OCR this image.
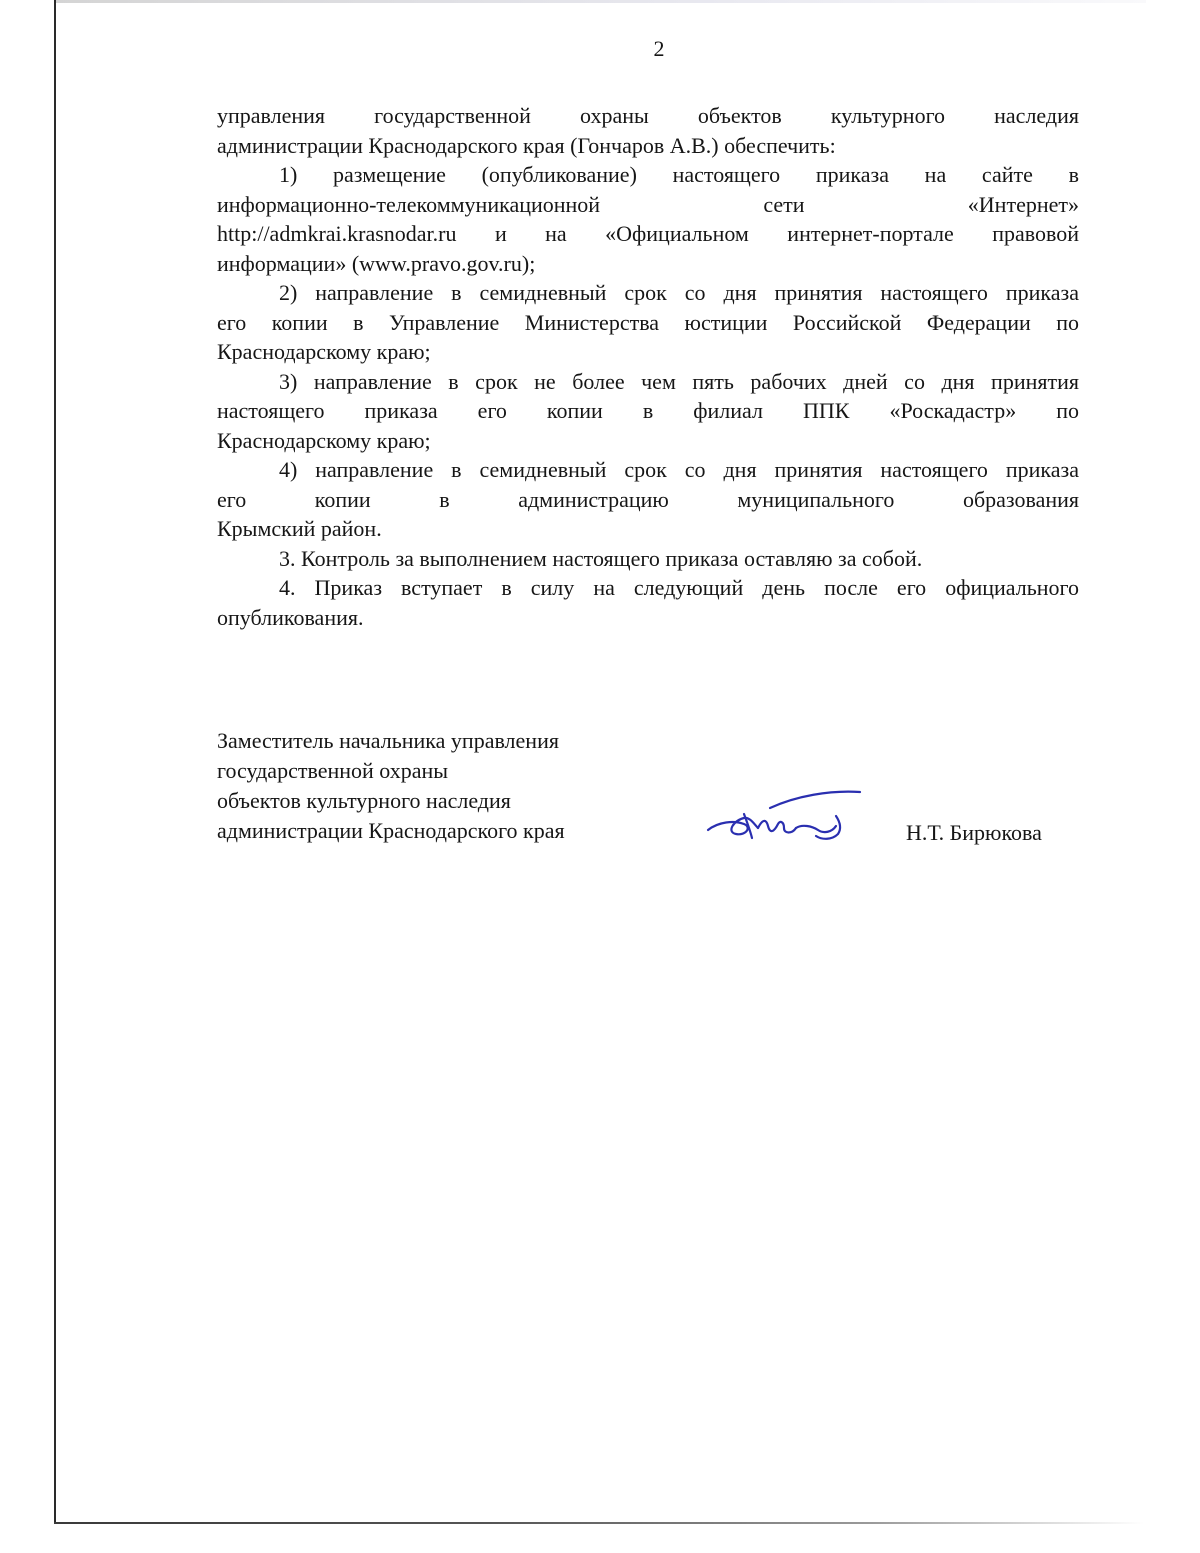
2
управления государственной охраны объектов культурного наследия
администрации Краснодарского края (Гончаров А.В.) обеспечить:
1) размещение (опубликование) настоящего приказа на сайте в
информационно-телекоммуникационной сети «Интернет»
http://admkrai.krasnodar.ru и на «Официальном интернет-портале правовой
информации» (www.pravo.gov.ru);
2) направление в семидневный срок со дня принятия настоящего приказа
его копии в Управление Министерства юстиции Российской Федерации по
Краснодарскому краю;
3) направление в срок не более чем пять рабочих дней со дня принятия
настоящего приказа его копии в филиал ППК «Роскадастр» по
Краснодарскому краю;
4) направление в семидневный срок со дня принятия настоящего приказа
его копии в администрацию муниципального образования
Крымский район.
3. Контроль за выполнением настоящего приказа оставляю за собой.
4. Приказ вступает в силу на следующий день после его официального
опубликования.
Заместитель начальника управления
государственной охраны
объектов культурного наследия
администрации Краснодарского края	Н.Т. Бирюкова
